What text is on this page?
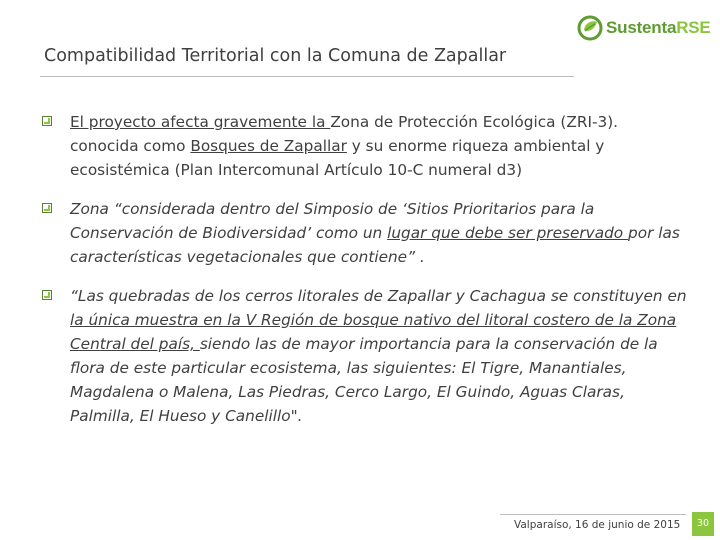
SustentaRSE
Compatibilidad Territorial con la Comuna de Zapallar
El proyecto afecta gravemente la Zona de Protección Ecológica (ZRI-3). conocida como Bosques de Zapallar y su enorme riqueza ambiental y ecosistémica (Plan Intercomunal Artículo 10-C numeral d3)
Zona “considerada dentro del Simposio de ‘Sitios Prioritarios para la Conservación de Biodiversidad’ como un lugar que debe ser preservado por las características vegetacionales que contiene” .
“Las quebradas de los cerros litorales de Zapallar y Cachagua se constituyen en la única muestra en la V Región de bosque nativo del litoral costero de la Zona Central del país, siendo las de mayor importancia para la conservación de la flora de este particular ecosistema, las siguientes: El Tigre, Manantiales, Magdalena o Malena, Las Piedras, Cerco Largo, El Guindo, Aguas Claras, Palmilla, El Hueso y Canelillo".
Valparaíso, 16 de junio de 2015	30
